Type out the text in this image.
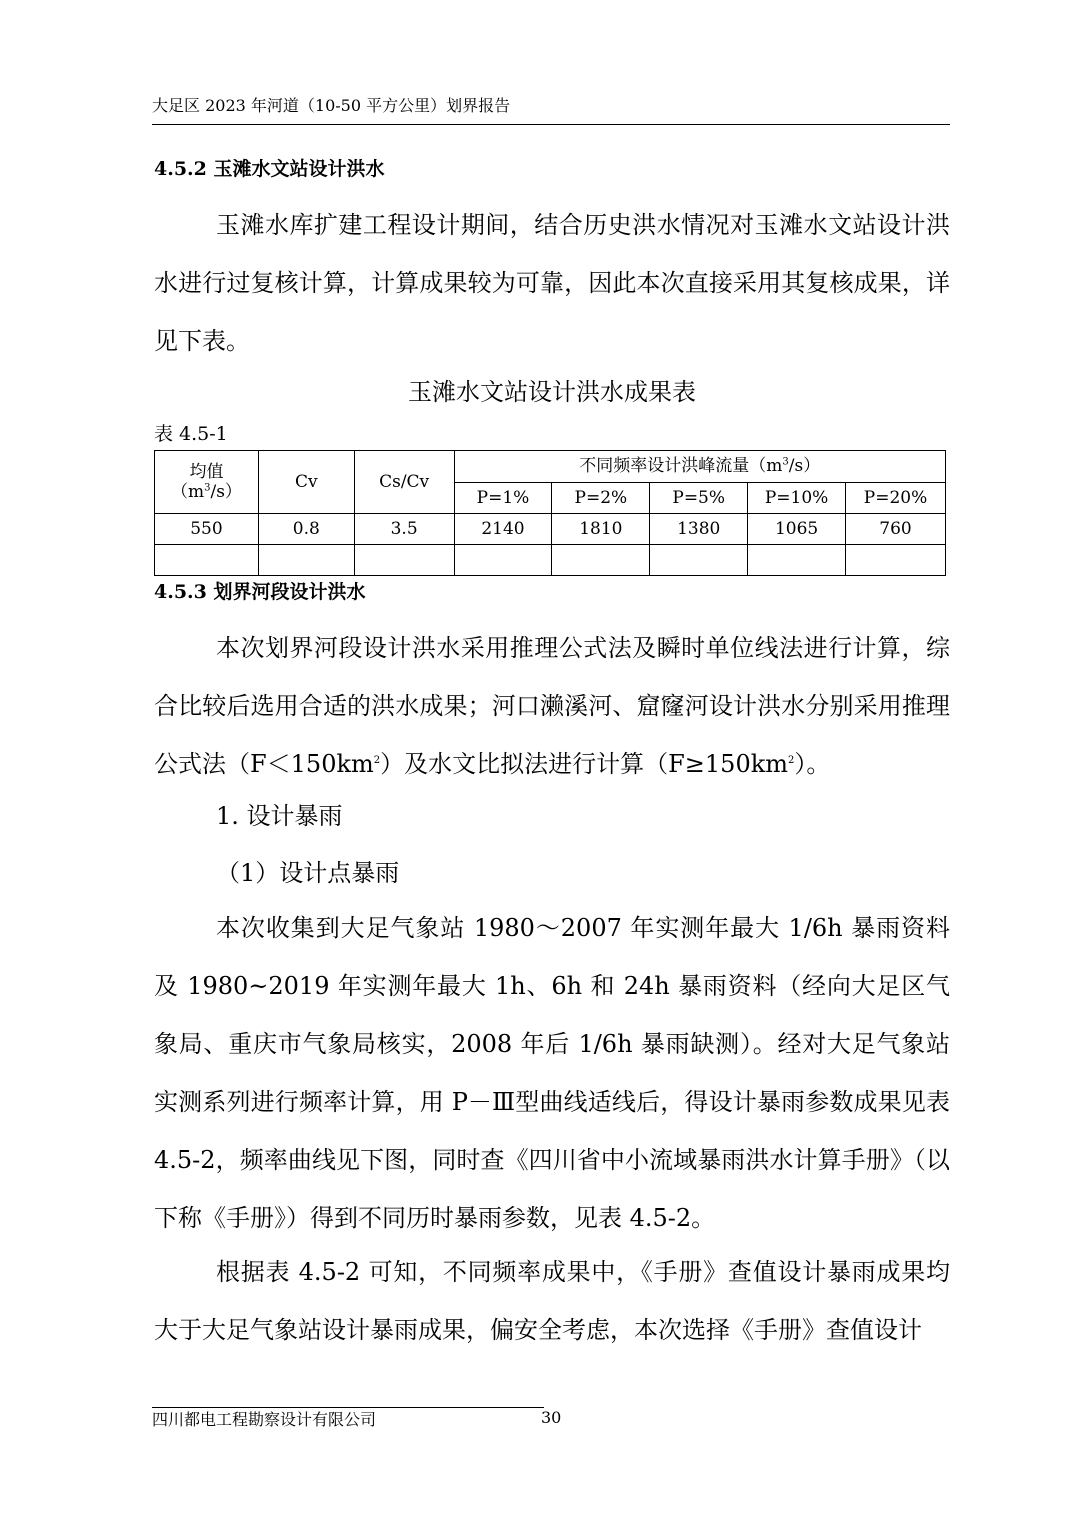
大足区 2023 年河道（10-50 平方公里）划界报告
4.5.2 玉滩水文站设计洪水

玉滩水库扩建工程设计期间，结合历史洪水情况对玉滩水文站设计洪水进行过复核计算，计算成果较为可靠，因此本次直接采用其复核成果，详见下表。

玉滩水文站设计洪水成果表

表 4.5-1

均值
$(m^3/s)$	Cv	Cs/Cv	不同频率设计洪峰流量$(m^3/s)$				
			P=1%	P=2%	P=5%	P=10%	P=20%
550	0.8	3.5	2140	1810	1380	1065	760

4.5.3 划界河段设计洪水

本次划界河段设计洪水采用推理公式法及瞬时单位线法进行计算，综合比较后选用合适的洪水成果；河口濑溪河、窟窿河设计洪水分别采用推理公式法$(F<150km^2)$及水文比拟法进行计算$(F\ge 150km^2)$。

1. 设计暴雨

（1）设计点暴雨

本次收集到大足气象站 1980～2007 年实测年最大 1/6h 暴雨资料及 1980~2019 年实测年最大 1h、6h 和 24h 暴雨资料（经向大足区气象局、重庆市气象局核实，2008 年后 1/6h 暴雨缺测）。经对大足气象站实测系列进行频率计算，用 P－Ⅲ型曲线适线后，得设计暴雨参数成果见表 4.5-2，频率曲线见下图，同时查《四川省中小流域暴雨洪水计算手册》（以下称《手册》）得到不同历时暴雨参数，见表 4.5-2。

根据表 4.5-2 可知，不同频率成果中，《手册》查值设计暴雨成果均大于大足气象站设计暴雨成果，偏安全考虑，本次选择《手册》查值设计

四川都电工程勘察设计有限公司	30
